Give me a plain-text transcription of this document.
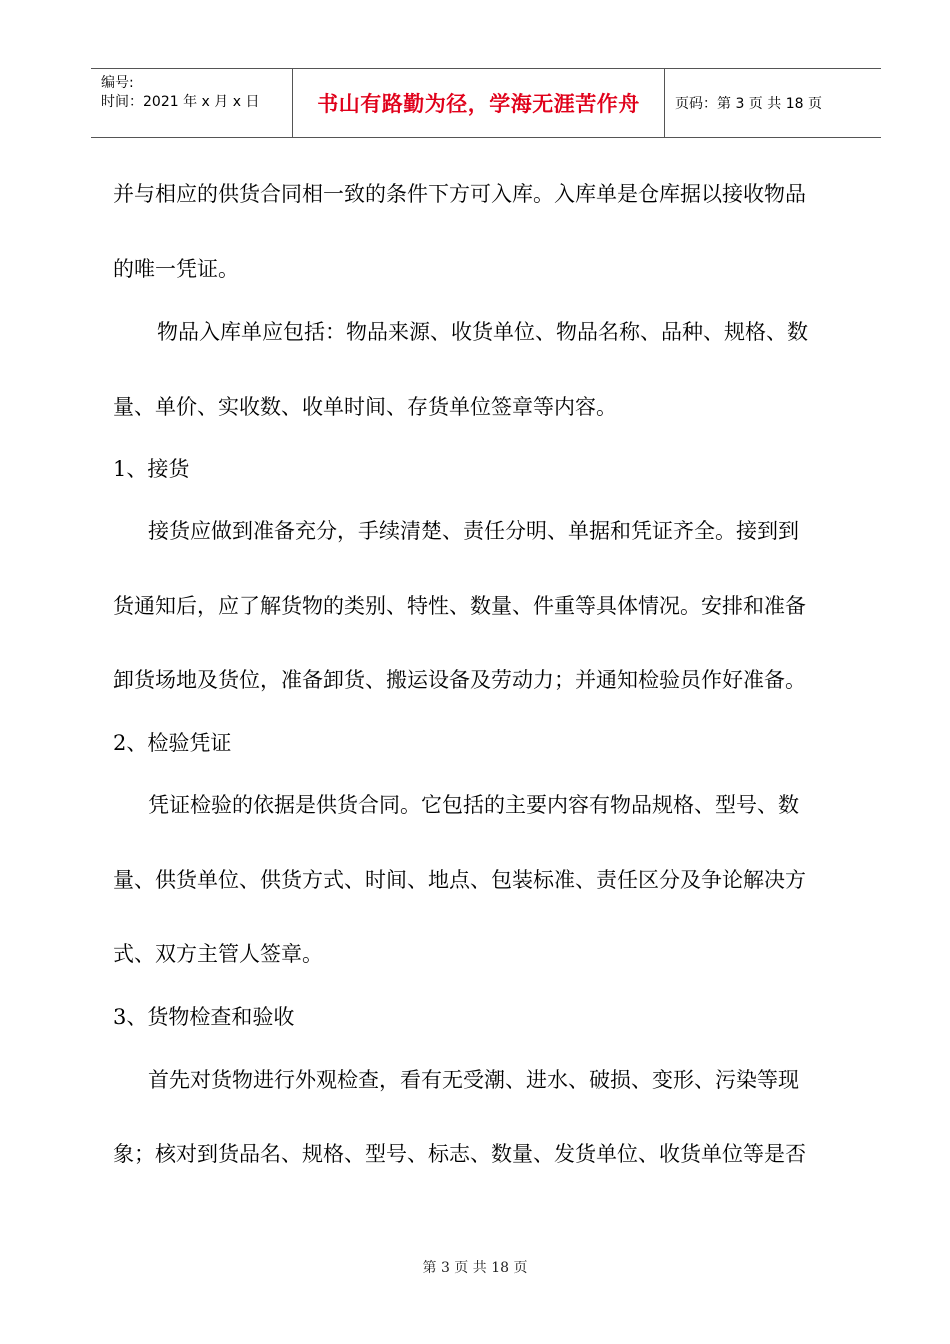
编号:
时间：2021 年 x 月 x 日	书山有路勤为径，学海无涯苦作舟	页码：第 3 页 共 18 页
并与相应的供货合同相一致的条件下方可入库。入库单是仓库据以接收物品
的唯一凭证。
物品入库单应包括：物品来源、收货单位、物品名称、品种、规格、数
量、单价、实收数、收单时间、存货单位签章等内容。
1、接货
接货应做到准备充分，手续清楚、责任分明、单据和凭证齐全。接到到
货通知后，应了解货物的类别、特性、数量、件重等具体情况。安排和准备
卸货场地及货位，准备卸货、搬运设备及劳动力；并通知检验员作好准备。
2、检验凭证
凭证检验的依据是供货合同。它包括的主要内容有物品规格、型号、数
量、供货单位、供货方式、时间、地点、包装标准、责任区分及争论解决方
式、双方主管人签章。
3、货物检查和验收
首先对货物进行外观检查，看有无受潮、进水、破损、变形、污染等现
象；核对到货品名、规格、型号、标志、数量、发货单位、收货单位等是否
第 3 页 共 18 页
